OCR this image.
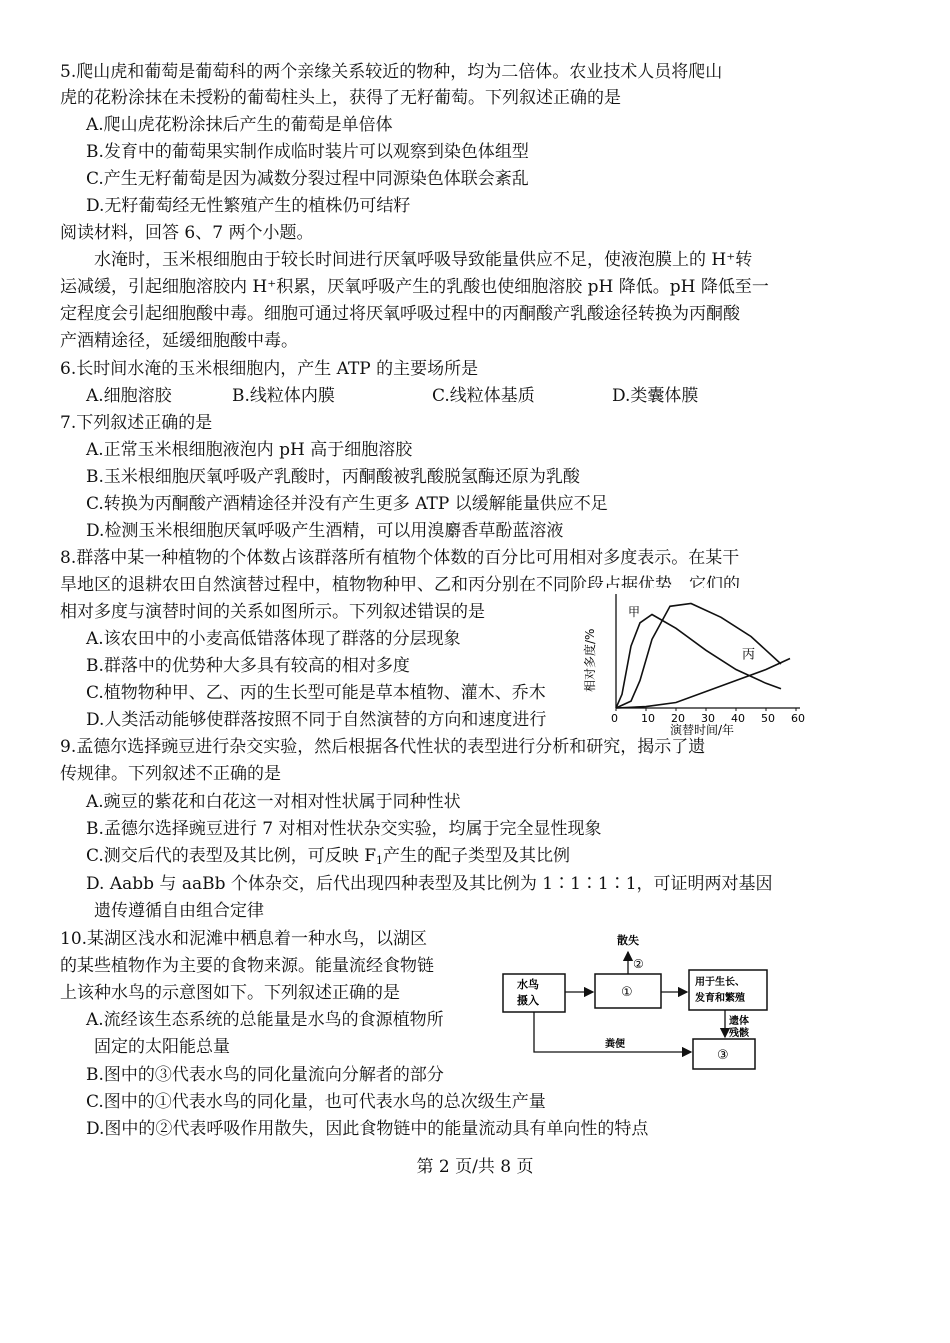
5.爬山虎和葡萄是葡萄科的两个亲缘关系较近的物种，均为二倍体。农业技术人员将爬山
虎的花粉涂抹在未授粉的葡萄柱头上，获得了无籽葡萄。下列叙述正确的是
A.爬山虎花粉涂抹后产生的葡萄是单倍体
B.发育中的葡萄果实制作成临时装片可以观察到染色体组型
C.产生无籽葡萄是因为减数分裂过程中同源染色体联会紊乱
D.无籽葡萄经无性繁殖产生的植株仍可结籽
阅读材料，回答 6、7 两个小题。
水淹时，玉米根细胞由于较长时间进行厌氧呼吸导致能量供应不足，使液泡膜上的 H⁺转
运减缓，引起细胞溶胶内 H⁺积累，厌氧呼吸产生的乳酸也使细胞溶胶 pH 降低。pH 降低至一
定程度会引起细胞酸中毒。细胞可通过将厌氧呼吸过程中的丙酮酸产乳酸途径转换为丙酮酸
产酒精途径，延缓细胞酸中毒。
6.长时间水淹的玉米根细胞内，产生 ATP 的主要场所是
A.细胞溶胶	B.线粒体内膜	C.线粒体基质	D.类囊体膜
7.下列叙述正确的是
A.正常玉米根细胞液泡内 pH 高于细胞溶胶
B.玉米根细胞厌氧呼吸产乳酸时，丙酮酸被乳酸脱氢酶还原为乳酸
C.转换为丙酮酸产酒精途径并没有产生更多 ATP 以缓解能量供应不足
D.检测玉米根细胞厌氧呼吸产生酒精，可以用溴麝香草酚蓝溶液
8.群落中某一种植物的个体数占该群落所有植物个体数的百分比可用相对多度表示。在某干
旱地区的退耕农田自然演替过程中，植物物种甲、乙和丙分别在不同阶段占据优势，它们的
相对多度与演替时间的关系如图所示。下列叙述错误的是
A.该农田中的小麦高低错落体现了群落的分层现象
B.群落中的优势种大多具有较高的相对多度
C.植物物种甲、乙、丙的生长型可能是草本植物、灌木、乔木
D.人类活动能够使群落按照不同于自然演替的方向和速度进行	0 10 20 30 40 50 60
甲
丙
相对多度/%
演替时间/年
9.孟德尔选择豌豆进行杂交实验，然后根据各代性状的表型进行分析和研究，揭示了遗
传规律。下列叙述不正确的是
A.豌豆的紫花和白花这一对相对性状属于同种性状
B.孟德尔选择豌豆进行 7 对相对性状杂交实验，均属于完全显性现象
C.测交后代的表型及其比例，可反映 $F_1$产生的配子类型及其比例
D. Aabb 与 aaBb 个体杂交，后代出现四种表型及其比例为 1∶1∶1∶1，可证明两对基因
遗传遵循自由组合定律
10.某湖区浅水和泥滩中栖息着一种水鸟，以湖区
的某些植物作为主要的食物来源。能量流经食物链
上该种水鸟的示意图如下。下列叙述正确的是
A.流经该生态系统的总能量是水鸟的食源植物所
固定的太阳能总量
B.图中的③代表水鸟的同化量流向分解者的部分
C.图中的①代表水鸟的同化量，也可代表水鸟的总次级生产量
D.图中的②代表呼吸作用散失，因此食物链中的能量流动具有单向性的特点
水鸟
摄入
①
用于生长、
发育和繁殖
③
散失
②
遗体
残骸
粪便
第 2 页/共 8 页
